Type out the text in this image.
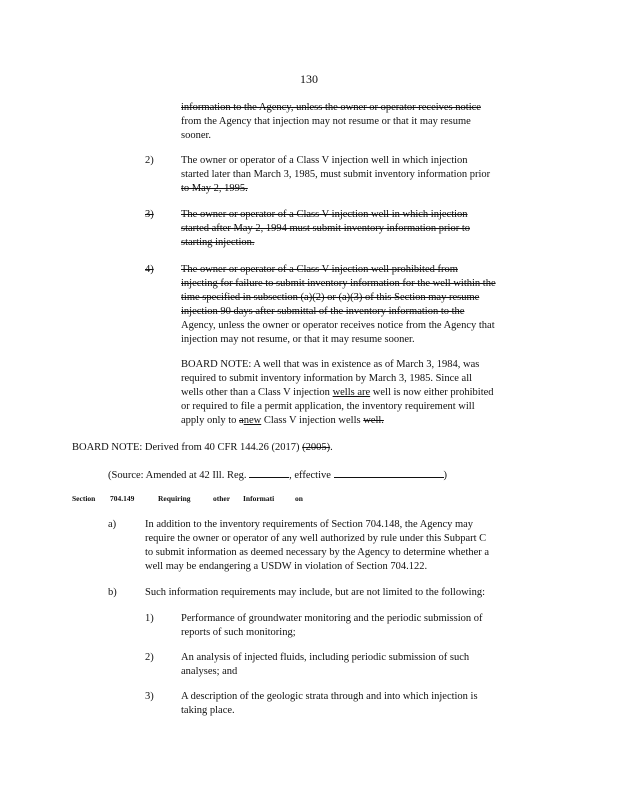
130
information to the Agency, unless the owner or operator receives notice
from the Agency that injection may not resume or that it may resume
sooner.
2)	The owner or operator of a Class V injection well in which injection
started later than March 3, 1985, must submit inventory information prior
to May 2, 1995.
3)	The owner or operator of a Class V injection well in which injection
started after May 2, 1994 must submit inventory information prior to
starting injection.
4)	The owner or operator of a Class V injection well prohibited from
injecting for failure to submit inventory information for the well within the
time specified in subsection (a)(2) or (a)(3) of this Section may resume
injection 90 days after submittal of the inventory information to the
Agency, unless the owner or operator receives notice from the Agency that
injection may not resume, or that it may resume sooner.
BOARD NOTE: A well that was in existence as of March 3, 1984, was
required to submit inventory information by March 3, 1985. Since all
wells other than a Class V injection wells are well is now either prohibited
or required to file a permit application, the inventory requirement will
apply only to anew Class V injection wells well.
BOARD NOTE: Derived from 40 CFR 144.26 (2017) (2005).
(Source: Amended at 42 Ill. Reg.	, effective	)
Section 704.149	Requiring	other Informati	on
a)	In addition to the inventory requirements of Section 704.148, the Agency may
require the owner or operator of any well authorized by rule under this Subpart C
to submit information as deemed necessary by the Agency to determine whether a
well may be endangering a USDW in violation of Section 704.122.
b)	Such information requirements may include, but are not limited to the following:
1)	Performance of groundwater monitoring and the periodic submission of
reports of such monitoring;
2)	An analysis of injected fluids, including periodic submission of such
analyses; and
3)	A description of the geologic strata through and into which injection is
taking place.
